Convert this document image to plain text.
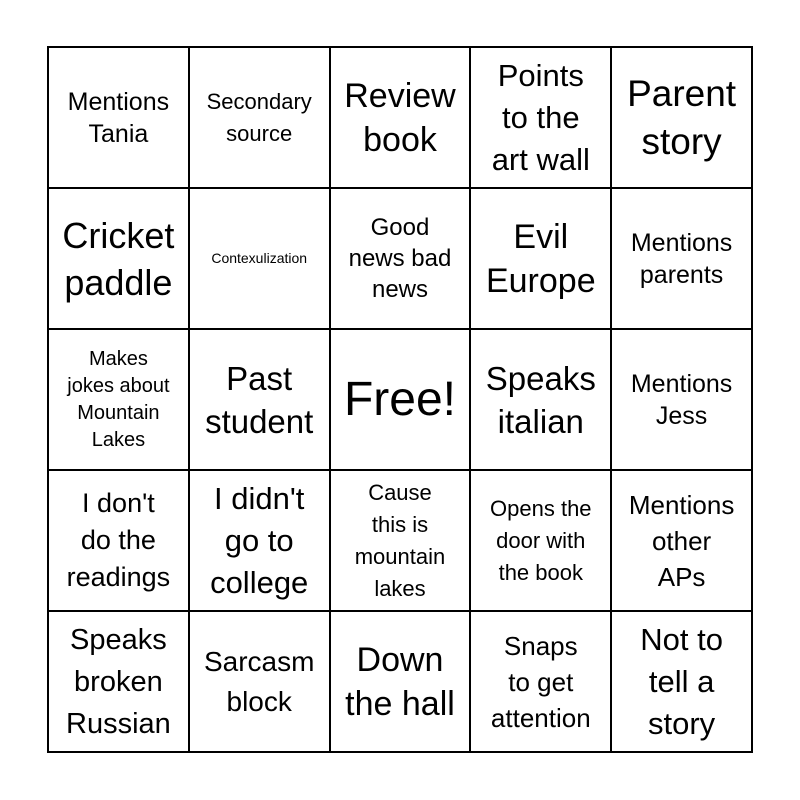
Mentions
Tania
Secondary
source
Review
book
Points
to the
art wall
Parent
story
Cricket
paddle
Contexulization
Good
news bad
news
Evil
Europe
Mentions
parents
Makes
jokes about
Mountain
Lakes
Past
student Free! Speaks
italian
Mentions
Jess
I don't
do the
readings
I didn't
go to
college
Cause
this is
mountain
lakes
Opens the
door with
the book
Mentions
other
APs
Speaks
broken
Russian
Sarcasm
block
Down
the hall
Snaps
to get
attention
Not to
tell a
story
